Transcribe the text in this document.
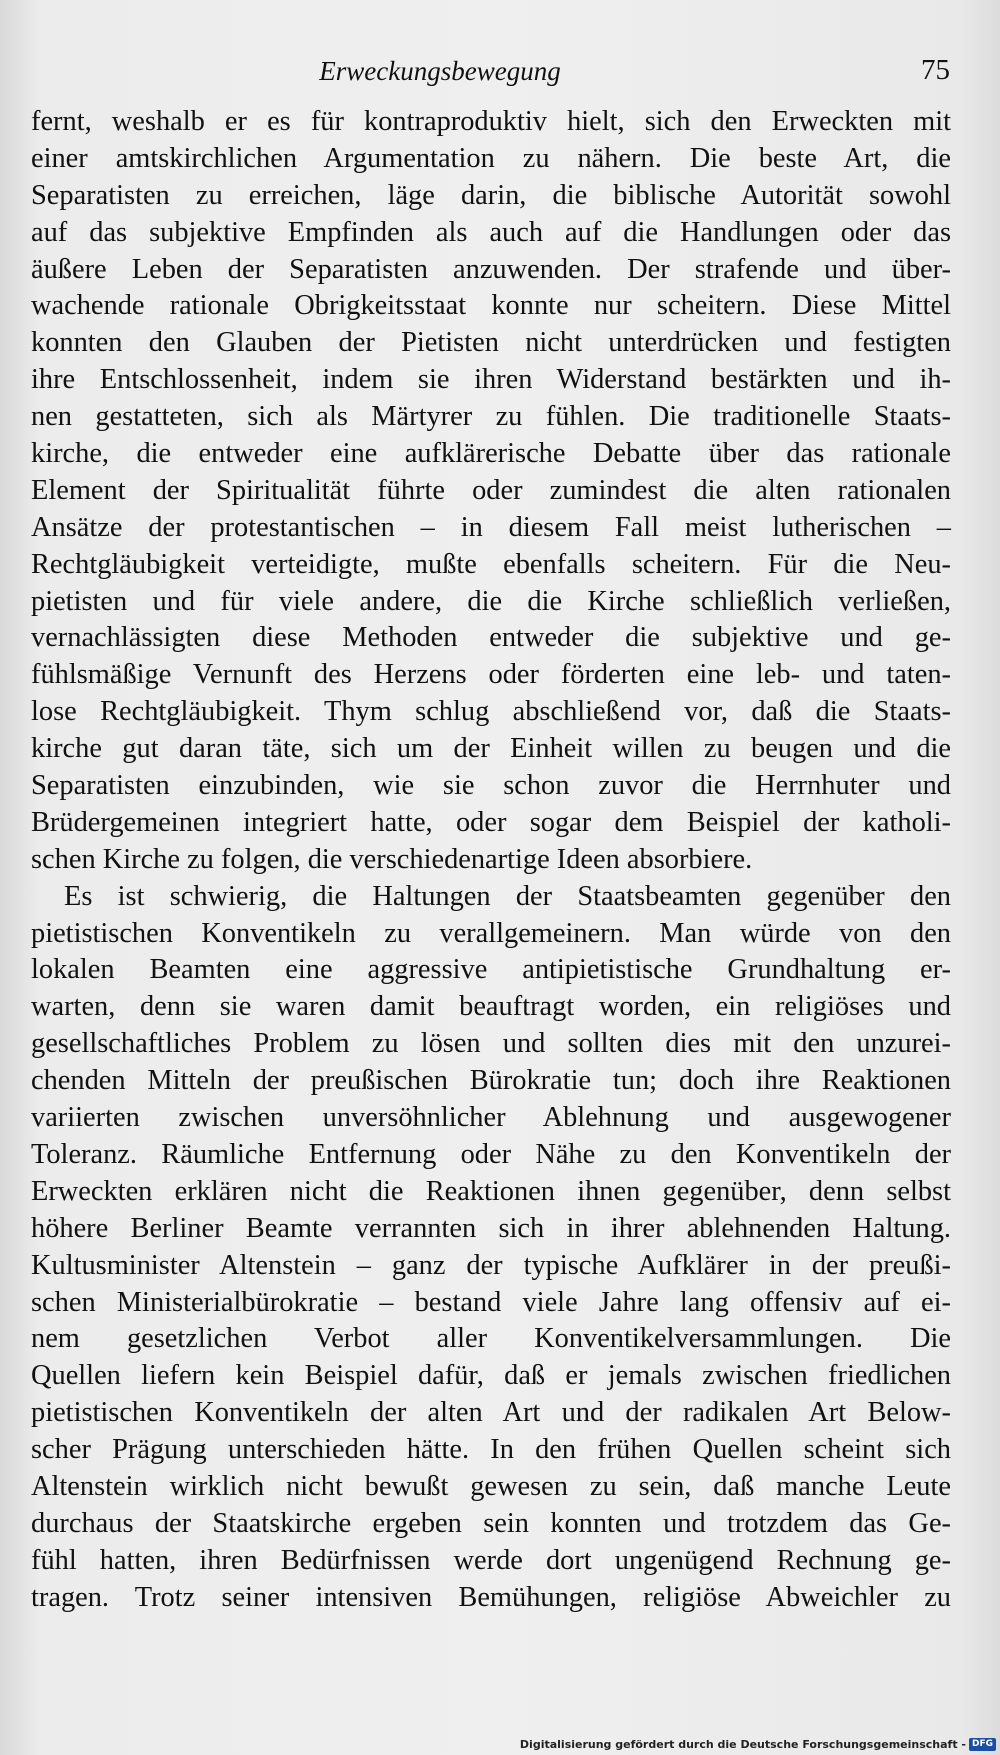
Erweckungsbewegung	75
fernt, weshalb er es für kontraproduktiv hielt, sich den Erweckten mit
einer amtskirchlichen Argumentation zu nähern. Die beste Art, die
Separatisten zu erreichen, läge darin, die biblische Autorität sowohl
auf das subjektive Empfinden als auch auf die Handlungen oder das
äußere Leben der Separatisten anzuwenden. Der strafende und über-
wachende rationale Obrigkeitsstaat konnte nur scheitern. Diese Mittel
konnten den Glauben der Pietisten nicht unterdrücken und festigten
ihre Entschlossenheit, indem sie ihren Widerstand bestärkten und ih-
nen gestatteten, sich als Märtyrer zu fühlen. Die traditionelle Staats-
kirche, die entweder eine aufklärerische Debatte über das rationale
Element der Spiritualität führte oder zumindest die alten rationalen
Ansätze der protestantischen – in diesem Fall meist lutherischen –
Rechtgläubigkeit verteidigte, mußte ebenfalls scheitern. Für die Neu-
pietisten und für viele andere, die die Kirche schließlich verließen,
vernachlässigten diese Methoden entweder die subjektive und ge-
fühlsmäßige Vernunft des Herzens oder förderten eine leb- und taten-
lose Rechtgläubigkeit. Thym schlug abschließend vor, daß die Staats-
kirche gut daran täte, sich um der Einheit willen zu beugen und die
Separatisten einzubinden, wie sie schon zuvor die Herrnhuter und
Brüdergemeinen integriert hatte, oder sogar dem Beispiel der katholi-
schen Kirche zu folgen, die verschiedenartige Ideen absorbiere.
Es ist schwierig, die Haltungen der Staatsbeamten gegenüber den
pietistischen Konventikeln zu verallgemeinern. Man würde von den
lokalen Beamten eine aggressive antipietistische Grundhaltung er-
warten, denn sie waren damit beauftragt worden, ein religiöses und
gesellschaftliches Problem zu lösen und sollten dies mit den unzurei-
chenden Mitteln der preußischen Bürokratie tun; doch ihre Reaktionen
variierten zwischen unversöhnlicher Ablehnung und ausgewogener
Toleranz. Räumliche Entfernung oder Nähe zu den Konventikeln der
Erweckten erklären nicht die Reaktionen ihnen gegenüber, denn selbst
höhere Berliner Beamte verrannten sich in ihrer ablehnenden Haltung.
Kultusminister Altenstein – ganz der typische Aufklärer in der preußi-
schen Ministerialbürokratie – bestand viele Jahre lang offensiv auf ei-
nem gesetzlichen Verbot aller Konventikelversammlungen. Die
Quellen liefern kein Beispiel dafür, daß er jemals zwischen friedlichen
pietistischen Konventikeln der alten Art und der radikalen Art Below-
scher Prägung unterschieden hätte. In den frühen Quellen scheint sich
Altenstein wirklich nicht bewußt gewesen zu sein, daß manche Leute
durchaus der Staatskirche ergeben sein konnten und trotzdem das Ge-
fühl hatten, ihren Bedürfnissen werde dort ungenügend Rechnung ge-
tragen. Trotz seiner intensiven Bemühungen, religiöse Abweichler zu
Digitalisierung gefördert durch die Deutsche Forschungsgemeinschaft - DFG
